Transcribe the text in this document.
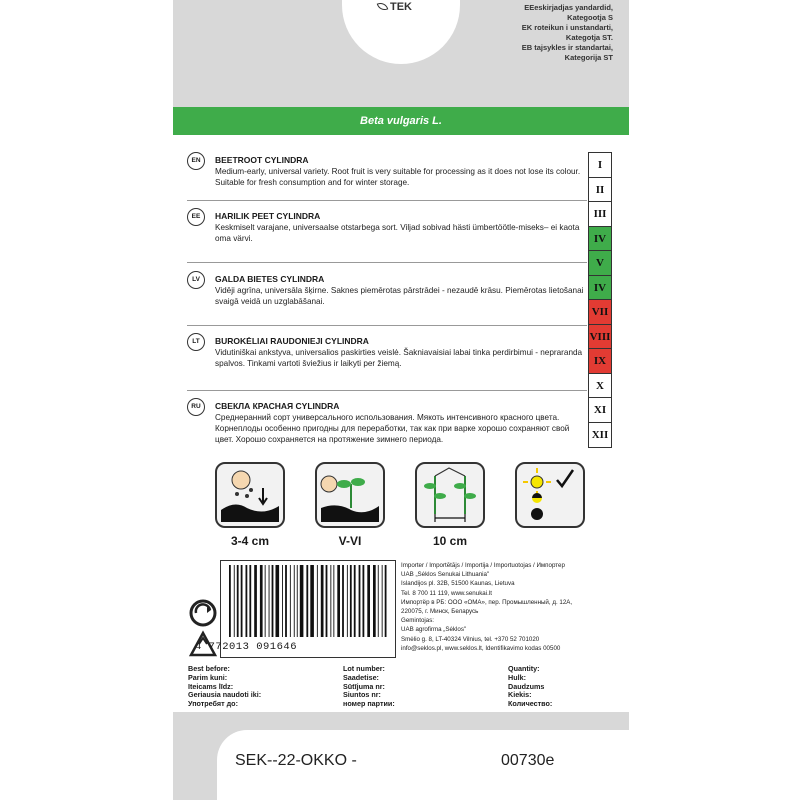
TEK	EEeskirjadjas yandardid,
Kategootja S
EK roteikun i unstandarti,
Kategotja ST.
EB tajsykles ir standartai,
Kategorija ST
Beta vulgaris L.
EN	BEETROOT CYLINDRA
Medium-early, universal variety. Root fruit is very suitable for processing as it does not lose its colour. Suitable for fresh consumption and for winter storage.
EE	HARILIK PEET CYLINDRA
Keskmiselt varajane, universaalse otstarbega sort. Viljad sobivad hästi ümbertöötle-miseks– ei kaota oma värvi.
LV	GALDA BIETES CYLINDRA
Vidēji agrīna, universāla šķirne. Saknes piemērotas pārstrādei - nezaudē krāsu. Piemērotas lietošanai svaigā veidā un uzglabāšanai.
LT	BUROKĖLIAI RAUDONIEJI CYLINDRA
Vidutiniškai ankstyva, universalios paskirties veislė. Šakniavaisiai labai tinka perdirbimui - nepraranda spalvos. Tinkami vartoti šviežius ir laikyti per žiemą.
RU	СВЕКЛА КРАСНАЯ CYLINDRA
Среднеранний сорт универсального использования. Мякоть интенсивного красного цвета. Корнеплоды особенно пригодны для переработки, так как при варке хорошо сохраняют свой цвет. Хорошо сохраняется на протяжение зимнего периода.
I
II
III
IV
V
IV
VII
VIII
IX
X
XI
XII
3-4 cm	V-VI	10 cm
4 772013 091646
Importer / Importētājs / Importija / Importuotojas / Импортер
UAB „Sėklos Senukai Lithuania"
Islandijos pl. 32B, 51500 Kaunas, Lietuva
Tel. 8 700 11 119, www.senukai.lt
Импортёр в РБ: ООО «ОМА», пер. Промышленный, д. 12А,
220075, г. Минск, Беларусь
Gemintojas:
UAB agrofirma „Sėklos"
Smėlio g. 8, LT-40324 Vilnius, tel. +370 52 701020
info@seklos.pl, www.seklos.lt, Identifikavimo kodas 00500
Best before:
Parim kuni:
Iteicams līdz:
Geriausia naudoti iki:
Употребят до:
Lot number:
Saadetise:
Sūtījuma nr:
Siuntos nr:
номер партии:
Quantity:
Hulk:
Daudzums
Kiekis:
Количество:
SEK--22-OKKO -	00730e
